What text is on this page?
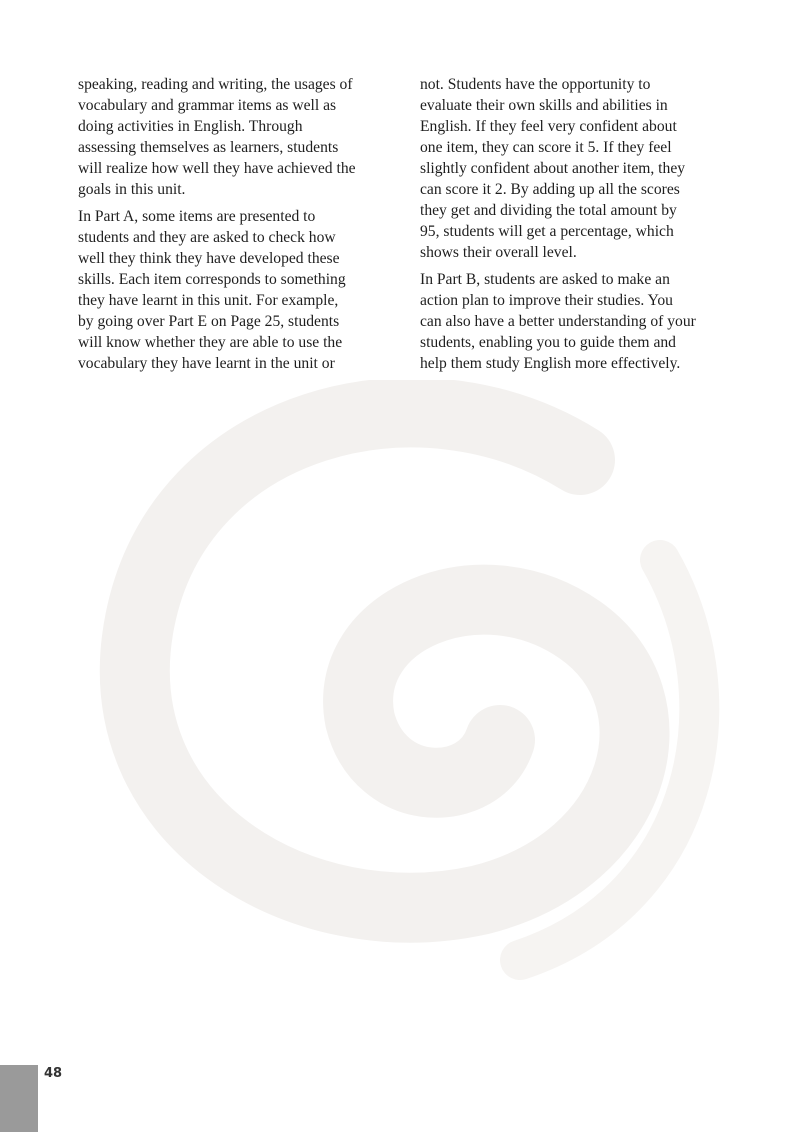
speaking, reading and writing, the usages of
vocabulary and grammar items as well as
doing activities in English. Through
assessing themselves as learners, students
will realize how well they have achieved the
goals in this unit.

In Part A, some items are presented to
students and they are asked to check how
well they think they have developed these
skills. Each item corresponds to something
they have learnt in this unit. For example,
by going over Part E on Page 25, students
will know whether they are able to use the
vocabulary they have learnt in the unit or

not. Students have the opportunity to
evaluate their own skills and abilities in
English. If they feel very confident about
one item, they can score it 5. If they feel
slightly confident about another item, they
can score it 2. By adding up all the scores
they get and dividing the total amount by
95, students will get a percentage, which
shows their overall level.

In Part B, students are asked to make an
action plan to improve their studies. You
can also have a better understanding of your
students, enabling you to guide them and
help them study English more effectively.

48
